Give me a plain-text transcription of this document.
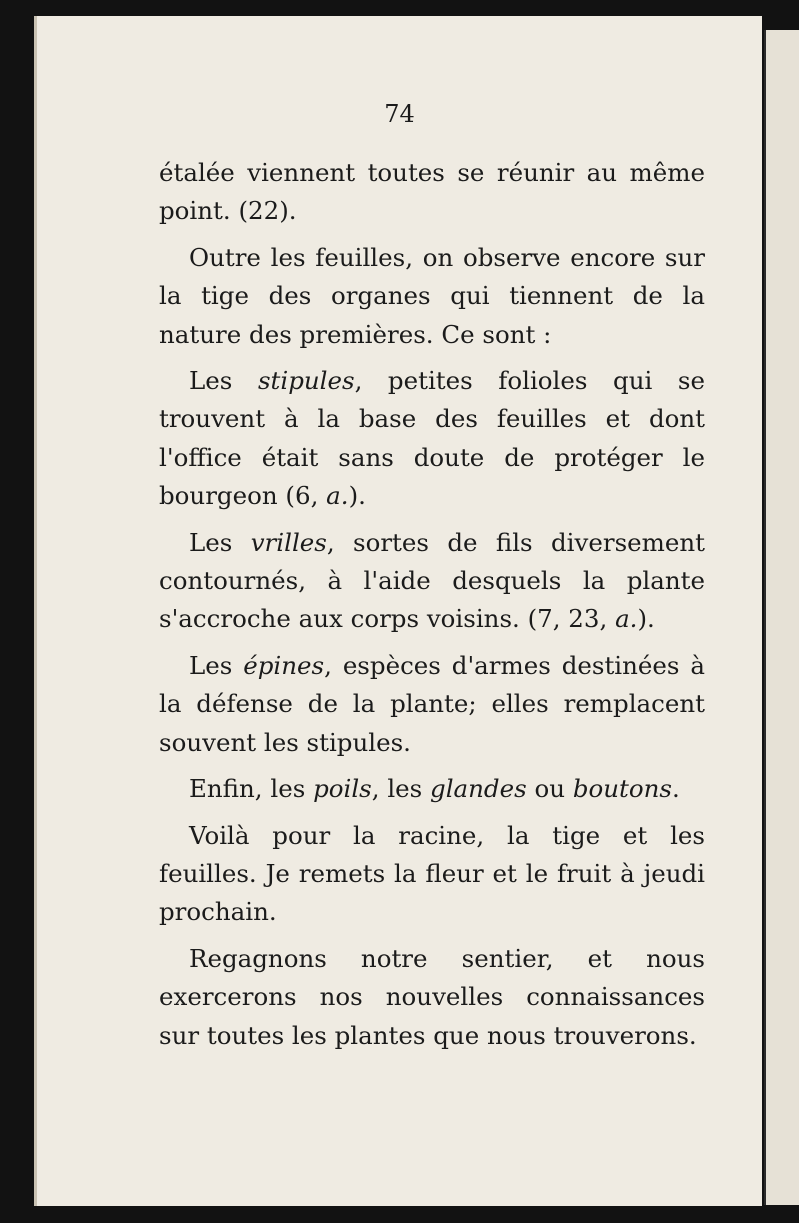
74

étalée viennent toutes se réunir au même point. (22).

Outre les feuilles, on observe encore sur la tige des organes qui tiennent de la nature des premières. Ce sont :

Les stipules, petites folioles qui se trouvent à la base des feuilles et dont l'office était sans doute de protéger le bourgeon (6, a.).

Les vrilles, sortes de fils diversement contournés, à l'aide desquels la plante s'accroche aux corps voisins. (7, 23, a.).

Les épines, espèces d'armes destinées à la défense de la plante; elles remplacent souvent les stipules.

Enfin, les poils, les glandes ou boutons.

Voilà pour la racine, la tige et les feuilles. Je remets la fleur et le fruit à jeudi prochain.

Regagnons notre sentier, et nous exercerons nos nouvelles connaissances sur toutes les plantes que nous trouverons.
